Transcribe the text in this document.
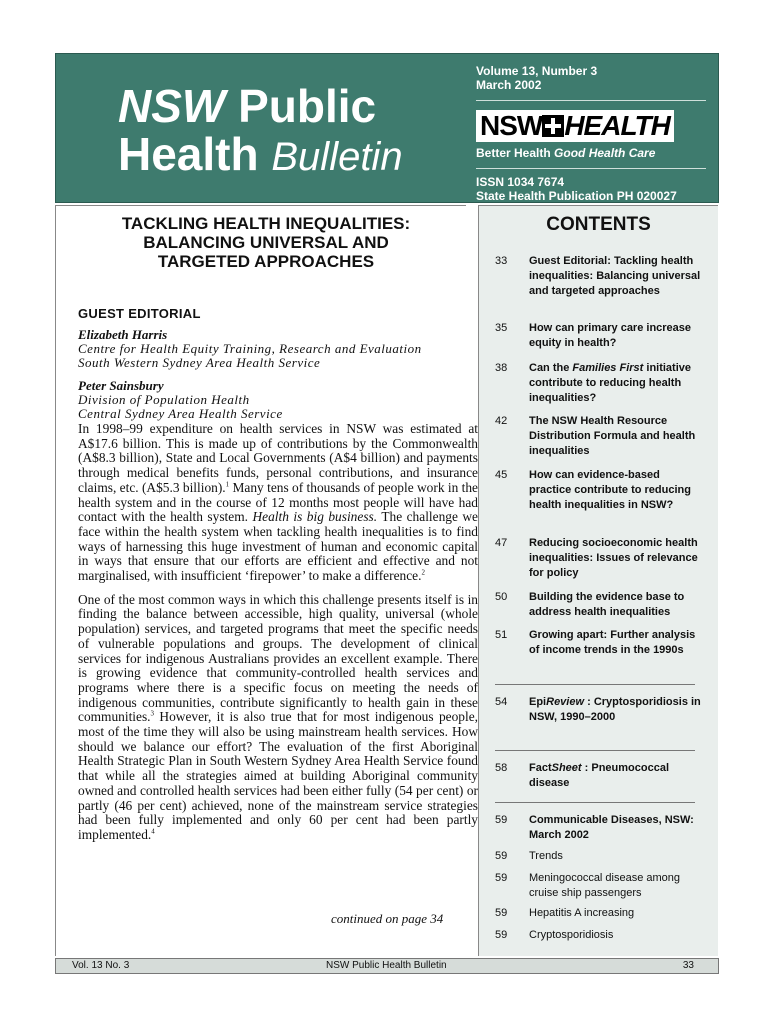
NSW Public
Health Bulletin
Volume 13, Number 3
March 2002
NSW HEALTH
Better Health Good Health Care
ISSN 1034 7674
State Health Publication PH 020027
TACKLING HEALTH INEQUALITIES:
BALANCING UNIVERSAL AND
TARGETED APPROACHES
GUEST EDITORIAL
Elizabeth Harris
Centre for Health Equity Training, Research and Evaluation
South Western Sydney Area Health Service
Peter Sainsbury
Division of Population Health
Central Sydney Area Health Service

In 1998–99 expenditure on health services in NSW was estimated at A$17.6 billion. This is made up of contributions by the Commonwealth (A$8.3 billion), State and Local Governments (A$4 billion) and payments through medical benefits funds, personal contributions, and insurance claims, etc. (A$5.3 billion).$^1$ Many tens of thousands of people work in the health system and in the course of 12 months most people will have had contact with the health system. Health is big business. The challenge we face within the health system when tackling health inequalities is to find ways of harnessing this huge investment of human and economic capital in ways that ensure that our efforts are efficient and effective and not marginalised, with insufficient ‘firepower’ to make a difference.$^2$

One of the most common ways in which this challenge presents itself is in finding the balance between accessible, high quality, universal (whole population) services, and targeted programs that meet the specific needs of vulnerable populations and groups. The development of clinical services for indigenous Australians provides an excellent example. There is growing evidence that community-controlled health services and programs where there is a specific focus on meeting the needs of indigenous communities, contribute significantly to health gain in these communities.$^3$ However, it is also true that for most indigenous people, most of the time they will also be using mainstream health services. How should we balance our effort? The evaluation of the first Aboriginal Health Strategic Plan in South Western Sydney Area Health Service found that while all the strategies aimed at building Aboriginal community owned and controlled health services had been either fully (54 per cent) or partly (46 per cent) achieved, none of the mainstream service strategies had been fully implemented and only 60 per cent had been partly implemented.$^4$

continued on page 34
CONTENTS
33	Guest Editorial: Tackling health inequalities: Balancing universal and targeted approaches
35	How can primary care increase equity in health?
38	Can the Families First initiative contribute to reducing health inequalities?
42	The NSW Health Resource Distribution Formula and health inequalities
45	How can evidence-based practice contribute to reducing health inequalities in NSW?
47	Reducing socioeconomic health inequalities: Issues of relevance for policy
50	Building the evidence base to address health inequalities
51	Growing apart: Further analysis of income trends in the 1990s
54	EpiReview : Cryptosporidiosis in NSW, 1990–2000
58	FactSheet : Pneumococcal disease
59	Communicable Diseases, NSW: March 2002
59	Trends
59	Meningococcal disease among cruise ship passengers
59	Hepatitis A increasing
59	Cryptosporidiosis
Vol. 13 No. 3	NSW Public Health Bulletin	33
